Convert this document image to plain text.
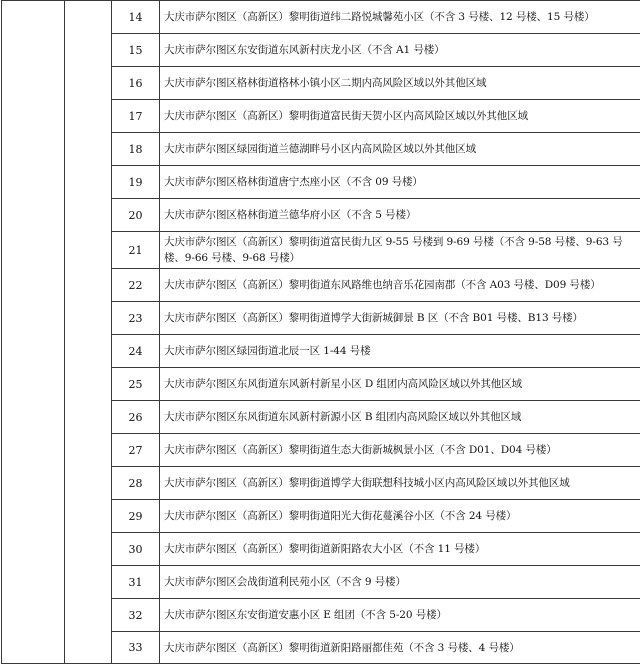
		14	大庆市萨尔图区（高新区）黎明街道纬二路悦城馨苑小区（不含 3 号楼、12 号楼、15 号楼）
		15	大庆市萨尔图区东安街道东风新村庆龙小区（不含 A1 号楼）
		16	大庆市萨尔图区格林街道格林小镇小区二期内高风险区域以外其他区域
		17	大庆市萨尔图区（高新区）黎明街道富民街天贺小区内高风险区域以外其他区域
		18	大庆市萨尔图区绿园街道兰德湖畔号小区内高风险区域以外其他区域
		19	大庆市萨尔图区格林街道唐宁杰座小区（不含 09 号楼）
		20	大庆市萨尔图区格林街道兰德华府小区（不含 5 号楼）
		21	大庆市萨尔图区（高新区）黎明街道富民街九区 9-55 号楼到 9-69 号楼（不含 9-58 号楼、9-63 号楼、9-66 号楼、9-68 号楼）
		22	大庆市萨尔图区（高新区）黎明街道东风路维也纳音乐花园南郡（不含 A03 号楼、D09 号楼）
		23	大庆市萨尔图区（高新区）黎明街道博学大街新城御景 B 区（不含 B01 号楼、B13 号楼）
		24	大庆市萨尔图区绿园街道北辰一区 1-44 号楼
		25	大庆市萨尔图区东风街道东风新村新星小区 D 组团内高风险区域以外其他区域
		26	大庆市萨尔图区东风街道东风新村新源小区 B 组团内高风险区域以外其他区域
		27	大庆市萨尔图区（高新区）黎明街道生态大街新城枫景小区（不含 D01、D04 号楼）
		28	大庆市萨尔图区（高新区）黎明街道博学大街联想科技城小区内高风险区域以外其他区域
		29	大庆市萨尔图区（高新区）黎明街道阳光大街花蔓溪谷小区（不含 24 号楼）
		30	大庆市萨尔图区（高新区）黎明街道新阳路农大小区（不含 11 号楼）
		31	大庆市萨尔图区会战街道利民苑小区（不含 9 号楼）
		32	大庆市萨尔图区东安街道安惠小区 E 组团（不含 5-20 号楼）
		33	大庆市萨尔图区（高新区）黎明街道新阳路丽都佳苑（不含 3 号楼、4 号楼）
